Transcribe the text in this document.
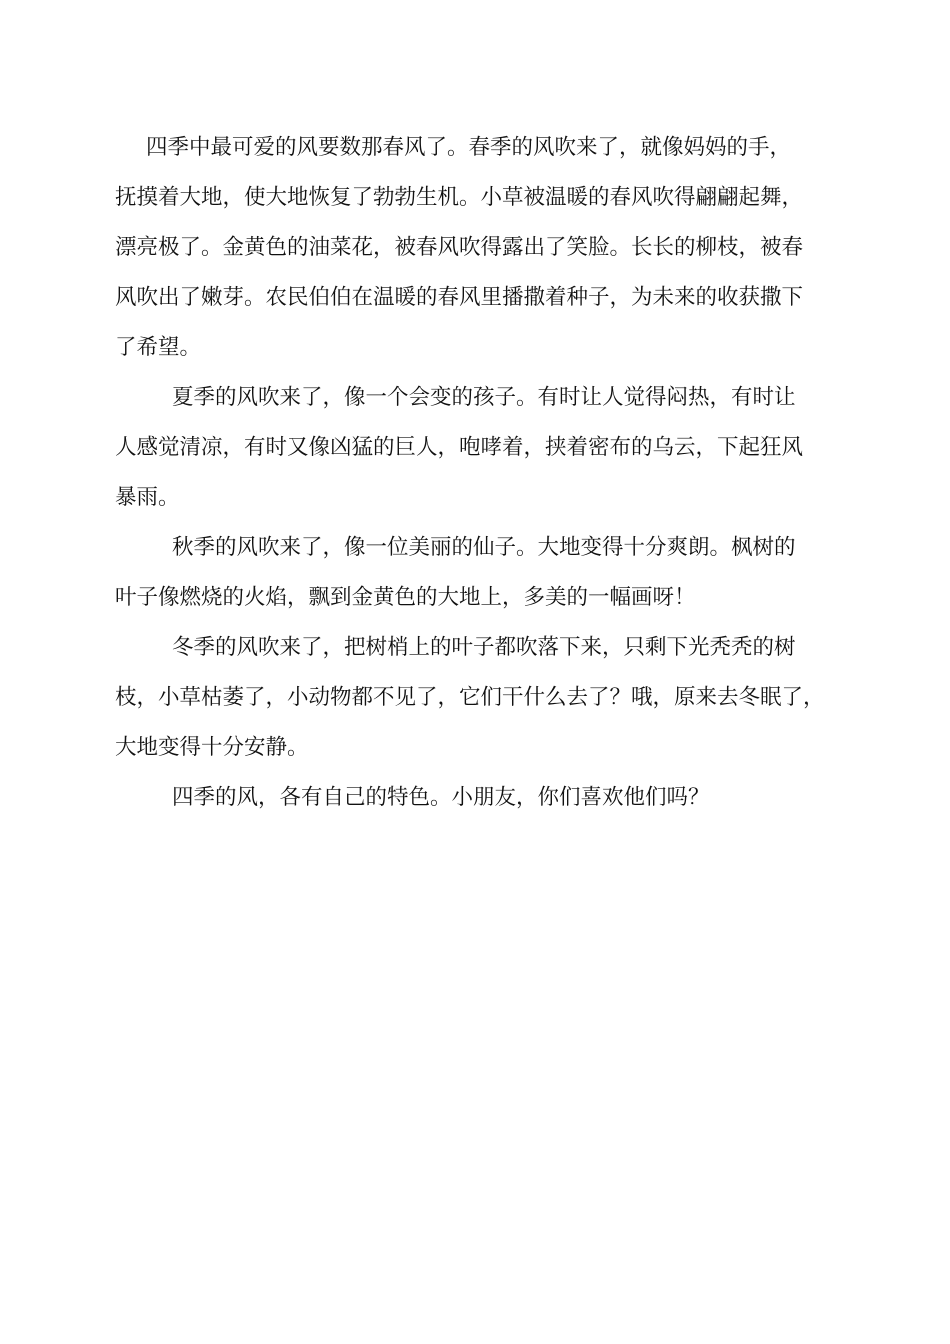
四季中最可爱的风要数那春风了。春季的风吹来了，就像妈妈的手，
抚摸着大地，使大地恢复了勃勃生机。小草被温暖的春风吹得翩翩起舞，
漂亮极了。金黄色的油菜花，被春风吹得露出了笑脸。长长的柳枝，被春
风吹出了嫩芽。农民伯伯在温暖的春风里播撒着种子，为未来的收获撒下
了希望。
夏季的风吹来了，像一个会变的孩子。有时让人觉得闷热，有时让
人感觉清凉，有时又像凶猛的巨人，咆哮着，挟着密布的乌云，下起狂风
暴雨。
秋季的风吹来了，像一位美丽的仙子。大地变得十分爽朗。枫树的
叶子像燃烧的火焰，飘到金黄色的大地上，多美的一幅画呀！
冬季的风吹来了，把树梢上的叶子都吹落下来，只剩下光秃秃的树
枝，小草枯萎了，小动物都不见了，它们干什么去了？哦，原来去冬眠了，
大地变得十分安静。
四季的风，各有自己的特色。小朋友，你们喜欢他们吗？
